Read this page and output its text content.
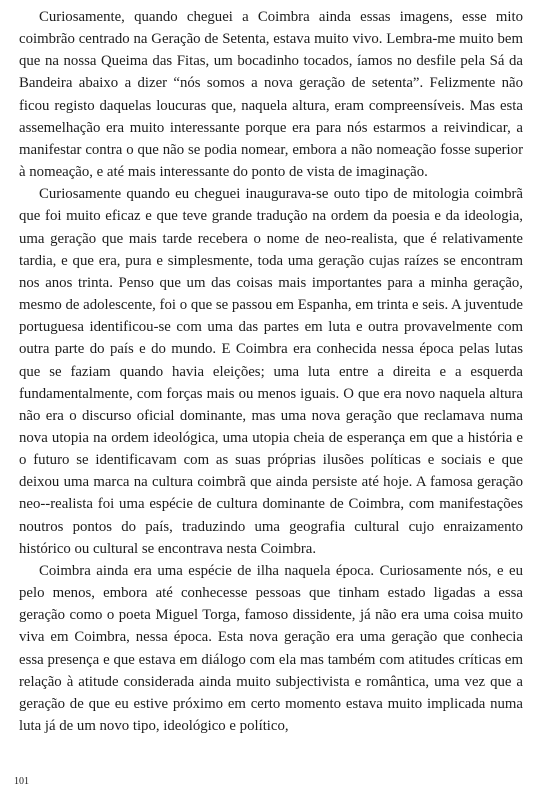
Curiosamente, quando cheguei a Coimbra ainda essas imagens, esse mito coimbrão centrado na Geração de Setenta, estava muito vivo. Lembra-me muito bem que na nossa Queima das Fitas, um bocadinho tocados, íamos no desfile pela Sá da Bandeira abaixo a dizer “nós somos a nova geração de setenta”. Felizmente não ficou registo daquelas loucuras que, naquela altura, eram compreensíveis. Mas esta assemelhação era muito interessante porque era para nós estarmos a reivindicar, a manifestar contra o que não se podia nomear, embora a não nomeação fosse superior à nomeação, e até mais interessante do ponto de vista de imaginação.

Curiosamente quando eu cheguei inaugurava-se outo tipo de mitologia coimbrã que foi muito eficaz e que teve grande tradução na ordem da poesia e da ideologia, uma geração que mais tarde recebera o nome de neo-realista, que é relativamente tardia, e que era, pura e simplesmente, toda uma geração cujas raízes se encontram nos anos trinta. Penso que um das coisas mais importantes para a minha geração, mesmo de adolescente, foi o que se passou em Espanha, em trinta e seis. A juventude portuguesa identificou-se com uma das partes em luta e outra provavelmente com outra parte do país e do mundo. E Coimbra era conhecida nessa época pelas lutas que se faziam quando havia eleições; uma luta entre a direita e a esquerda fundamentalmente, com forças mais ou menos iguais. O que era novo naquela altura não era o discurso oficial dominante, mas uma nova geração que reclamava numa nova utopia na ordem ideológica, uma utopia cheia de esperança em que a história e o futuro se identificavam com as suas próprias ilusões políticas e sociais e que deixou uma marca na cultura coimbrã que ainda persiste até hoje. A famosa geração neo--realista foi uma espécie de cultura dominante de Coimbra, com manifestações noutros pontos do país, traduzindo uma geografia cultural cujo enraizamento histórico ou cultural se encontrava nesta Coimbra.

Coimbra ainda era uma espécie de ilha naquela época. Curiosamente nós, e eu pelo menos, embora até conhecesse pessoas que tinham estado ligadas a essa geração como o poeta Miguel Torga, famoso dissidente, já não era uma coisa muito viva em Coimbra, nessa época. Esta nova geração era uma geração que conhecia essa presença e que estava em diálogo com ela mas também com atitudes críticas em relação à atitude considerada ainda muito subjectivista e romântica, uma vez que a geração de que eu estive próximo em certo momento estava muito implicada numa luta já de um novo tipo, ideológico e político,

101
